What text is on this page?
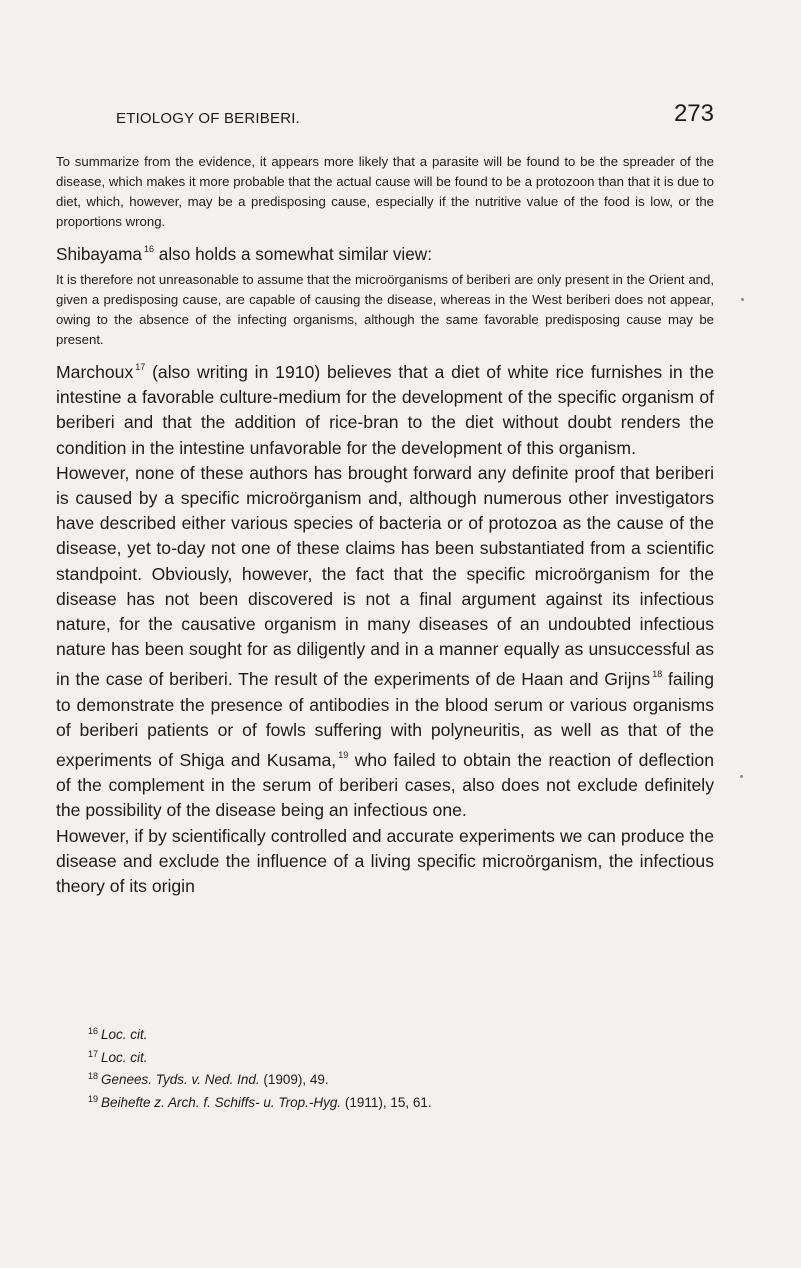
ETIOLOGY OF BERIBERI.	273

To summarize from the evidence, it appears more likely that a parasite will be found to be the spreader of the disease, which makes it more probable that the actual cause will be found to be a protozoon than that it is due to diet, which, however, may be a predisposing cause, especially if the nutritive value of the food is low, or the proportions wrong.

Shibayama $^{16}$ also holds a somewhat similar view:

It is therefore not unreasonable to assume that the microörganisms of beriberi are only present in the Orient and, given a predisposing cause, are capable of causing the disease, whereas in the West beriberi does not appear, owing to the absence of the infecting organisms, although the same favorable predisposing cause may be present.

Marchoux $^{17}$ (also writing in 1910) believes that a diet of white rice furnishes in the intestine a favorable culture-medium for the development of the specific organism of beriberi and that the addition of rice-bran to the diet without doubt renders the condition in the intestine unfavorable for the development of this organism.

However, none of these authors has brought forward any definite proof that beriberi is caused by a specific microörganism and, although numerous other investigators have described either various species of bacteria or of protozoa as the cause of the disease, yet to-day not one of these claims has been substantiated from a scientific standpoint. Obviously, however, the fact that the specific microörganism for the disease has not been discovered is not a final argument against its infectious nature, for the causative organism in many diseases of an undoubted infectious nature has been sought for as diligently and in a manner equally as unsuccessful as in the case of beriberi. The result of the experiments of de Haan and Grijns $^{18}$ failing to demonstrate the presence of antibodies in the blood serum or various organisms of beriberi patients or of fowls suffering with polyneuritis, as well as that of the experiments of Shiga and Kusama, $^{19}$ who failed to obtain the reaction of deflection of the complement in the serum of beriberi cases, also does not exclude definitely the possibility of the disease being an infectious one.

However, if by scientifically controlled and accurate experiments we can produce the disease and exclude the influence of a living specific microörganism, the infectious theory of its origin

$^{16}$ Loc. cit.
$^{17}$ Loc. cit.
$^{18}$ Genees. Tyds. v. Ned. Ind. (1909), 49.
$^{19}$ Beihefte z. Arch. f. Schiffs- u. Trop.-Hyg. (1911), 15, 61.
